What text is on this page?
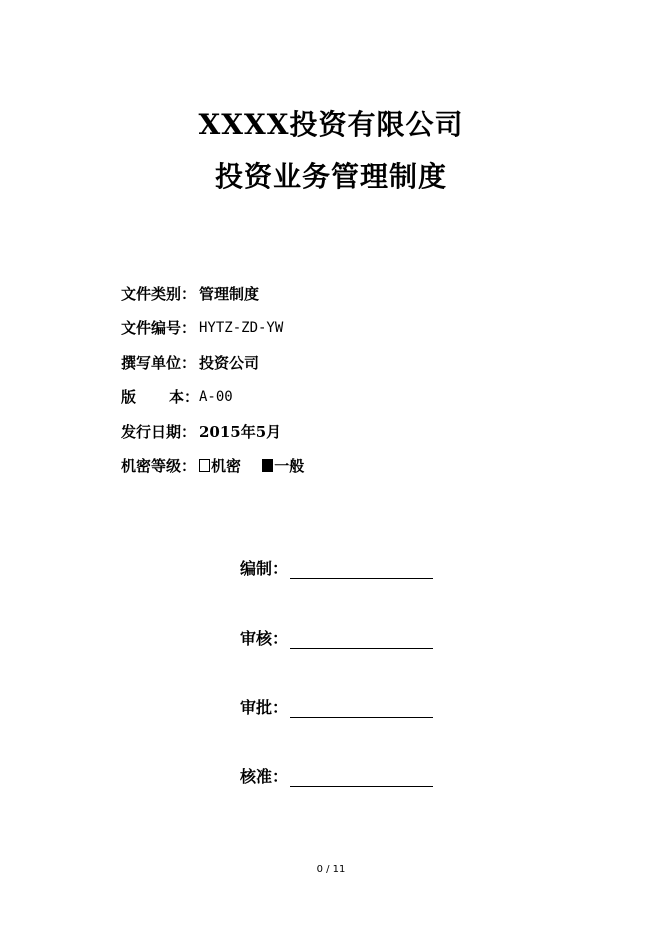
XXXX投资有限公司
投资业务管理制度
文件类别： 管理制度
文件编号： HYTZ-ZD-YW
撰写单位： 投资公司
版 本： A-00
发行日期： 2015年5月
机密等级： 机密
一般
编制：
审核：
审批：
核准：
0 / 11
